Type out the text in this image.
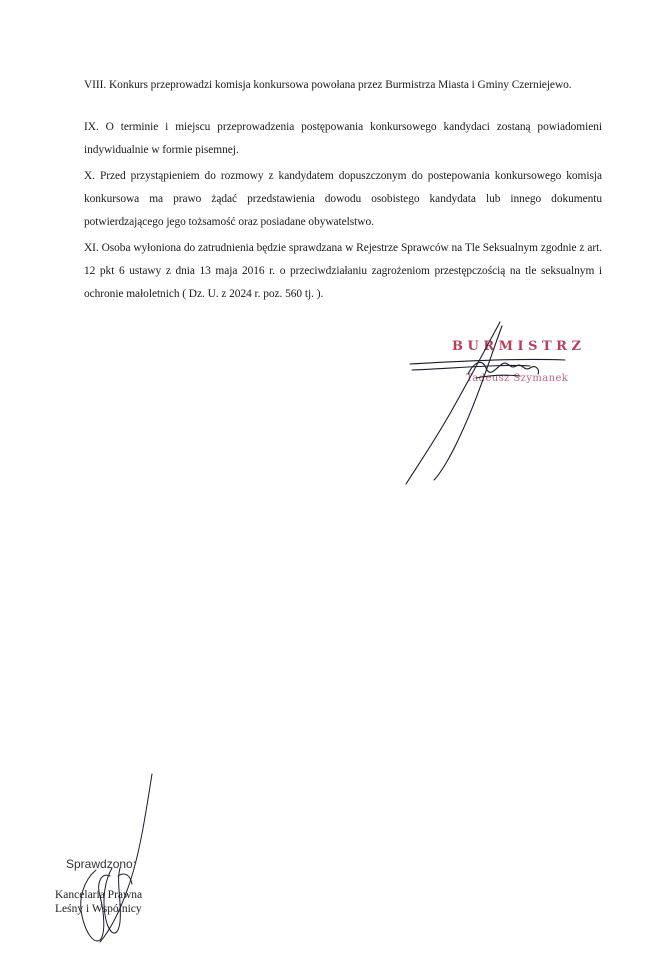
VIII. Konkurs przeprowadzi komisja konkursowa powołana przez Burmistrza Miasta i Gminy Czerniejewo.

IX. O terminie i miejscu przeprowadzenia postępowania konkursowego kandydaci zostaną powiadomieni indywidualnie w formie pisemnej.

X. Przed przystąpieniem do rozmowy z kandydatem dopuszczonym do postepowania konkursowego komisja konkursowa ma prawo żądać przedstawienia dowodu osobistego kandydata lub innego dokumentu potwierdzającego jego tożsamość oraz posiadane obywatelstwo.

XI. Osoba wyłoniona do zatrudnienia będzie sprawdzana w Rejestrze Sprawców na Tle Seksualnym zgodnie z art. 12 pkt 6 ustawy z dnia 13 maja 2016 r. o przeciwdziałaniu zagrożeniom przestępczością na tle seksualnym i ochronie małoletnich ( Dz. U. z 2024 r. poz. 560 tj. ).

BURMISTRZ
Tadeusz Szymanek
Sprawdzono:
Kancelaria Prawna
Leśny i Wspólnicy
